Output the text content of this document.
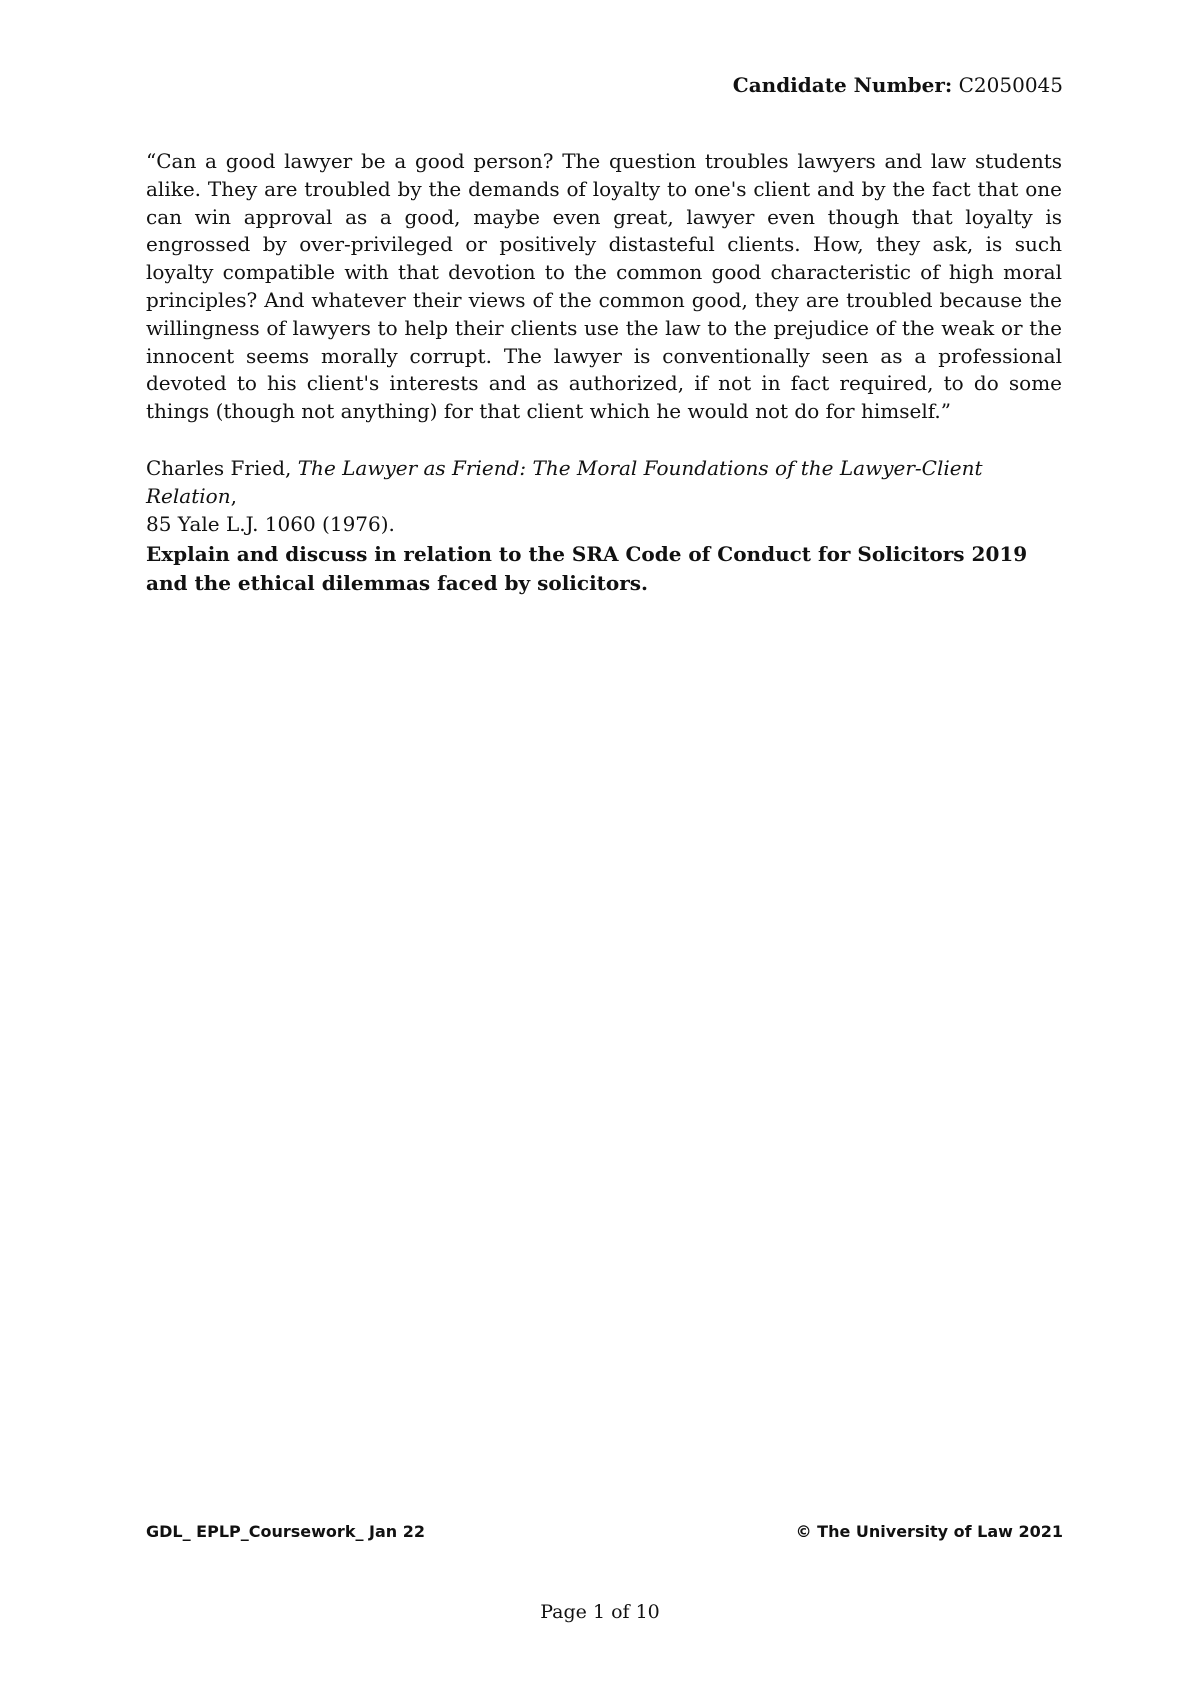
Candidate Number: C2050045

“Can a good lawyer be a good person? The question troubles lawyers and law students alike. They are troubled by the demands of loyalty to one's client and by the fact that one can win approval as a good, maybe even great, lawyer even though that loyalty is engrossed by over-privileged or positively distasteful clients. How, they ask, is such loyalty compatible with that devotion to the common good characteristic of high moral principles? And whatever their views of the common good, they are troubled because the willingness of lawyers to help their clients use the law to the prejudice of the weak or the innocent seems morally corrupt. The lawyer is conventionally seen as a professional devoted to his client's interests and as authorized, if not in fact required, to do some things (though not anything) for that client which he would not do for himself.”

Charles Fried, The Lawyer as Friend: The Moral Foundations of the Lawyer-Client Relation,
85 Yale L.J. 1060 (1976).

Explain and discuss in relation to the SRA Code of Conduct for Solicitors 2019 and the ethical dilemmas faced by solicitors.

GDL_ EPLP_Coursework_ Jan 22	© The University of Law 2021
Page 1 of 10
